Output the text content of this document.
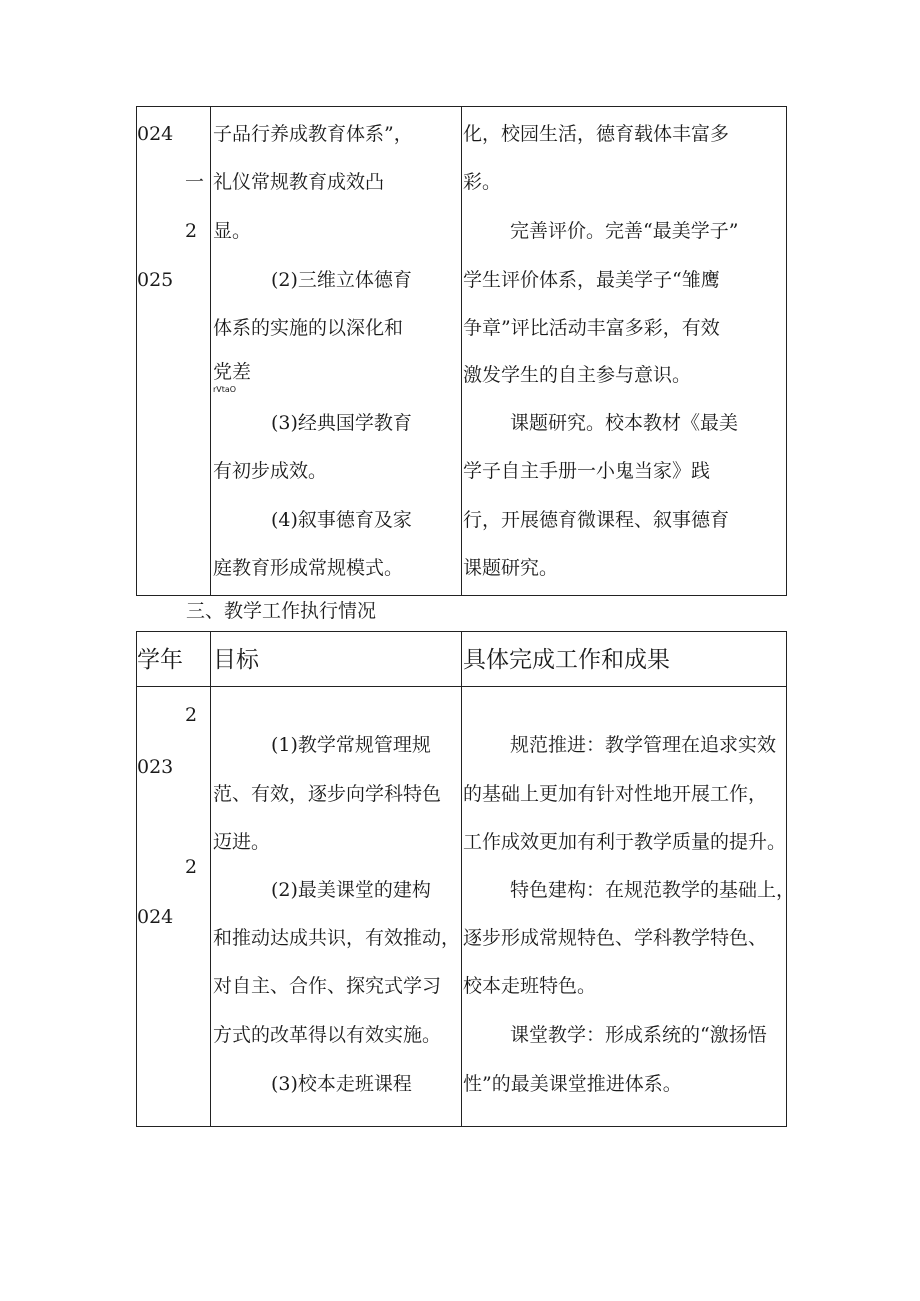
024
一
2
025
子品行养成教育体系”，
礼仪常规教育成效凸
显。
(2)三维立体德育
体系的实施的以深化和
党差
rVtaO
(3)经典国学教育
有初步成效。
(4)叙事德育及家
庭教育形成常规模式。
化，校园生活，德育载体丰富多
彩。
完善评价。完善“最美学子”
学生评价体系，最美学子“雏鹰
争章”评比活动丰富多彩，有效
激发学生的自主参与意识。
课题研究。校本教材《最美
学子自主手册一小鬼当家》践
行，开展德育微课程、叙事德育
课题研究。
三、教学工作执行情况
学年 目标	具体完成工作和成果
2
023
2
024
(1)教学常规管理规
范、有效，逐步向学科特色
迈进。
(2)最美课堂的建构
和推动达成共识，有效推动，
对自主、合作、探究式学习
方式的改革得以有效实施。
(3)校本走班课程
规范推进：教学管理在追求实效
的基础上更加有针对性地开展工作，
工作成效更加有利于教学质量的提升。
特色建构：在规范教学的基础上，
逐步形成常规特色、学科教学特色、
校本走班特色。
课堂教学：形成系统的“激扬悟
性”的最美课堂推进体系。
